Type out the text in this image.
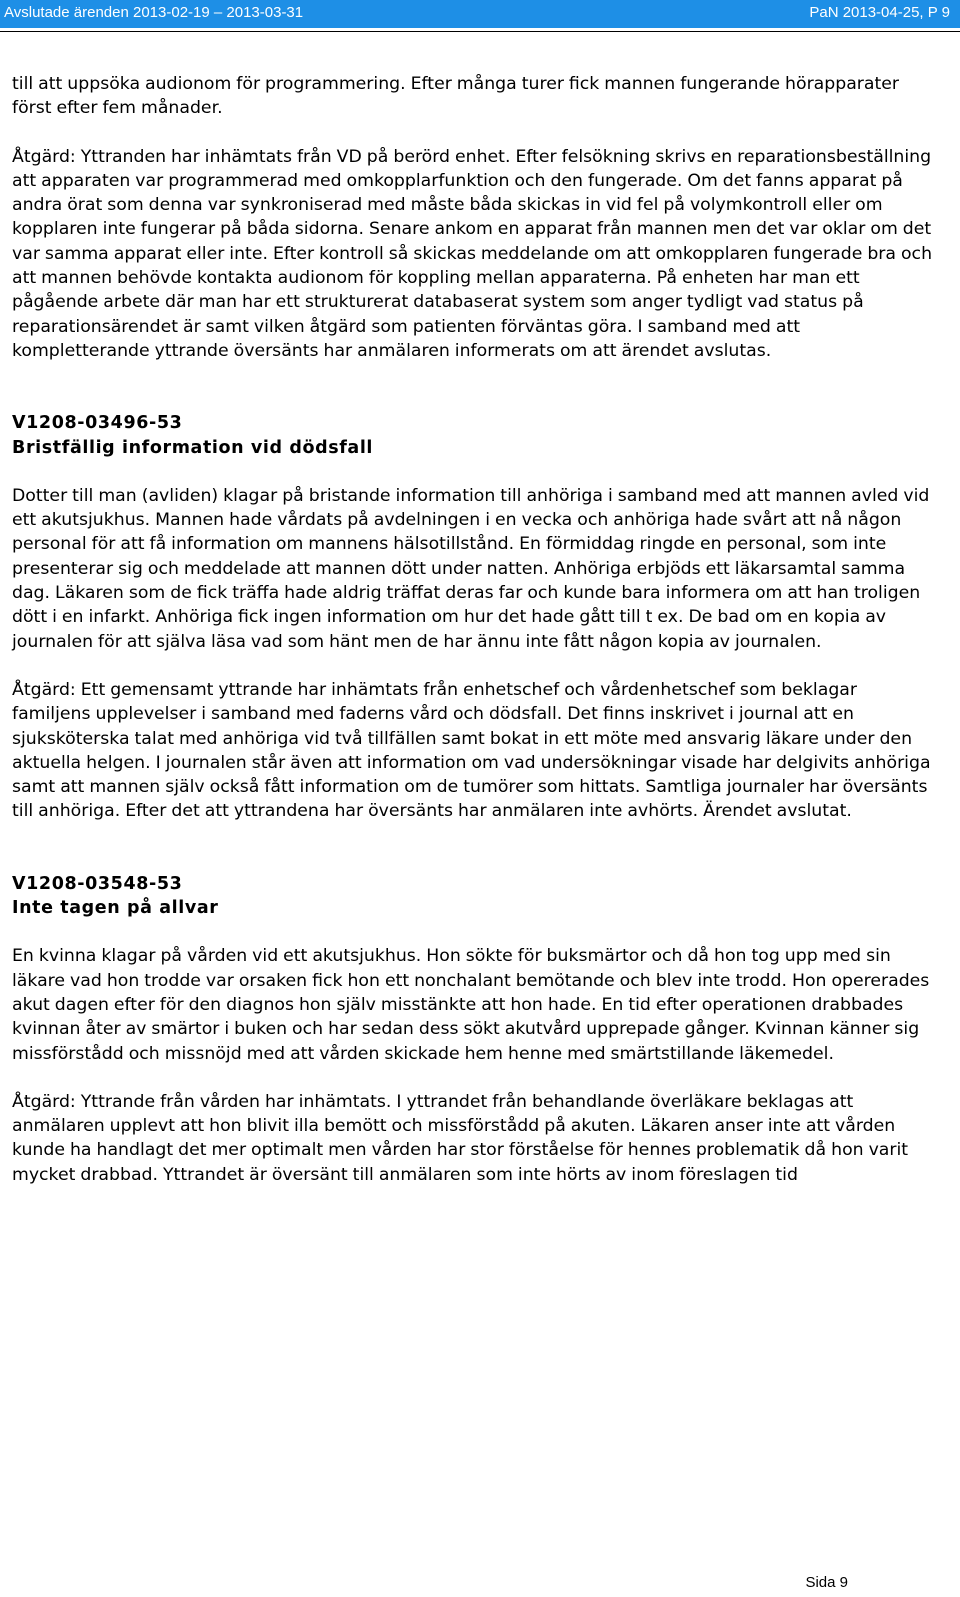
Avslutade ärenden 2013-02-19 – 2013-03-31	PaN 2013-04-25, P 9

till att uppsöka audionom för programmering. Efter många turer fick mannen fungerande hörapparater först efter fem månader.

Åtgärd: Yttranden har inhämtats från VD på berörd enhet. Efter felsökning skrivs en reparationsbeställning att apparaten var programmerad med omkopplarfunktion och den fungerade. Om det fanns apparat på andra örat som denna var synkroniserad med måste båda skickas in vid fel på volymkontroll eller om kopplaren inte fungerar på båda sidorna. Senare ankom en apparat från mannen men det var oklar om det var samma apparat eller inte. Efter kontroll så skickas meddelande om att omkopplaren fungerade bra och att mannen behövde kontakta audionom för koppling mellan apparaterna. På enheten har man ett pågående arbete där man har ett strukturerat databaserat system som anger tydligt vad status på reparationsärendet är samt vilken åtgärd som patienten förväntas göra. I samband med att kompletterande yttrande översänts har anmälaren informerats om att ärendet avslutas.

V1208-03496-53

Bristfällig information vid dödsfall

Dotter till man (avliden) klagar på bristande information till anhöriga i samband med att mannen avled vid ett akutsjukhus. Mannen hade vårdats på avdelningen i en vecka och anhöriga hade svårt att nå någon personal för att få information om mannens hälsotillstånd. En förmiddag ringde en personal, som inte presenterar sig och meddelade att mannen dött under natten. Anhöriga erbjöds ett läkarsamtal samma dag. Läkaren som de fick träffa hade aldrig träffat deras far och kunde bara informera om att han troligen dött i en infarkt. Anhöriga fick ingen information om hur det hade gått till t ex. De bad om en kopia av journalen för att själva läsa vad som hänt men de har ännu inte fått någon kopia av journalen.

Åtgärd: Ett gemensamt yttrande har inhämtats från enhetschef och vårdenhetschef som beklagar familjens upplevelser i samband med faderns vård och dödsfall. Det finns inskrivet i journal att en sjuksköterska talat med anhöriga vid två tillfällen samt bokat in ett möte med ansvarig läkare under den aktuella helgen. I journalen står även att information om vad undersökningar visade har delgivits anhöriga samt att mannen själv också fått information om de tumörer som hittats. Samtliga journaler har översänts till anhöriga. Efter det att yttrandena har översänts har anmälaren inte avhörts. Ärendet avslutat.

V1208-03548-53

Inte tagen på allvar

En kvinna klagar på vården vid ett akutsjukhus. Hon sökte för buksmärtor och då hon tog upp med sin läkare vad hon trodde var orsaken fick hon ett nonchalant bemötande och blev inte trodd. Hon opererades akut dagen efter för den diagnos hon själv misstänkte att hon hade. En tid efter operationen drabbades kvinnan åter av smärtor i buken och har sedan dess sökt akutvård upprepade gånger. Kvinnan känner sig missförstådd och missnöjd med att vården skickade hem henne med smärtstillande läkemedel.

Åtgärd: Yttrande från vården har inhämtats. I yttrandet från behandlande överläkare beklagas att anmälaren upplevt att hon blivit illa bemött och missförstådd på akuten. Läkaren anser inte att vården kunde ha handlagt det mer optimalt men vården har stor förståelse för hennes problematik då hon varit mycket drabbad. Yttrandet är översänt till anmälaren som inte hörts av inom föreslagen tid

Sida 9
